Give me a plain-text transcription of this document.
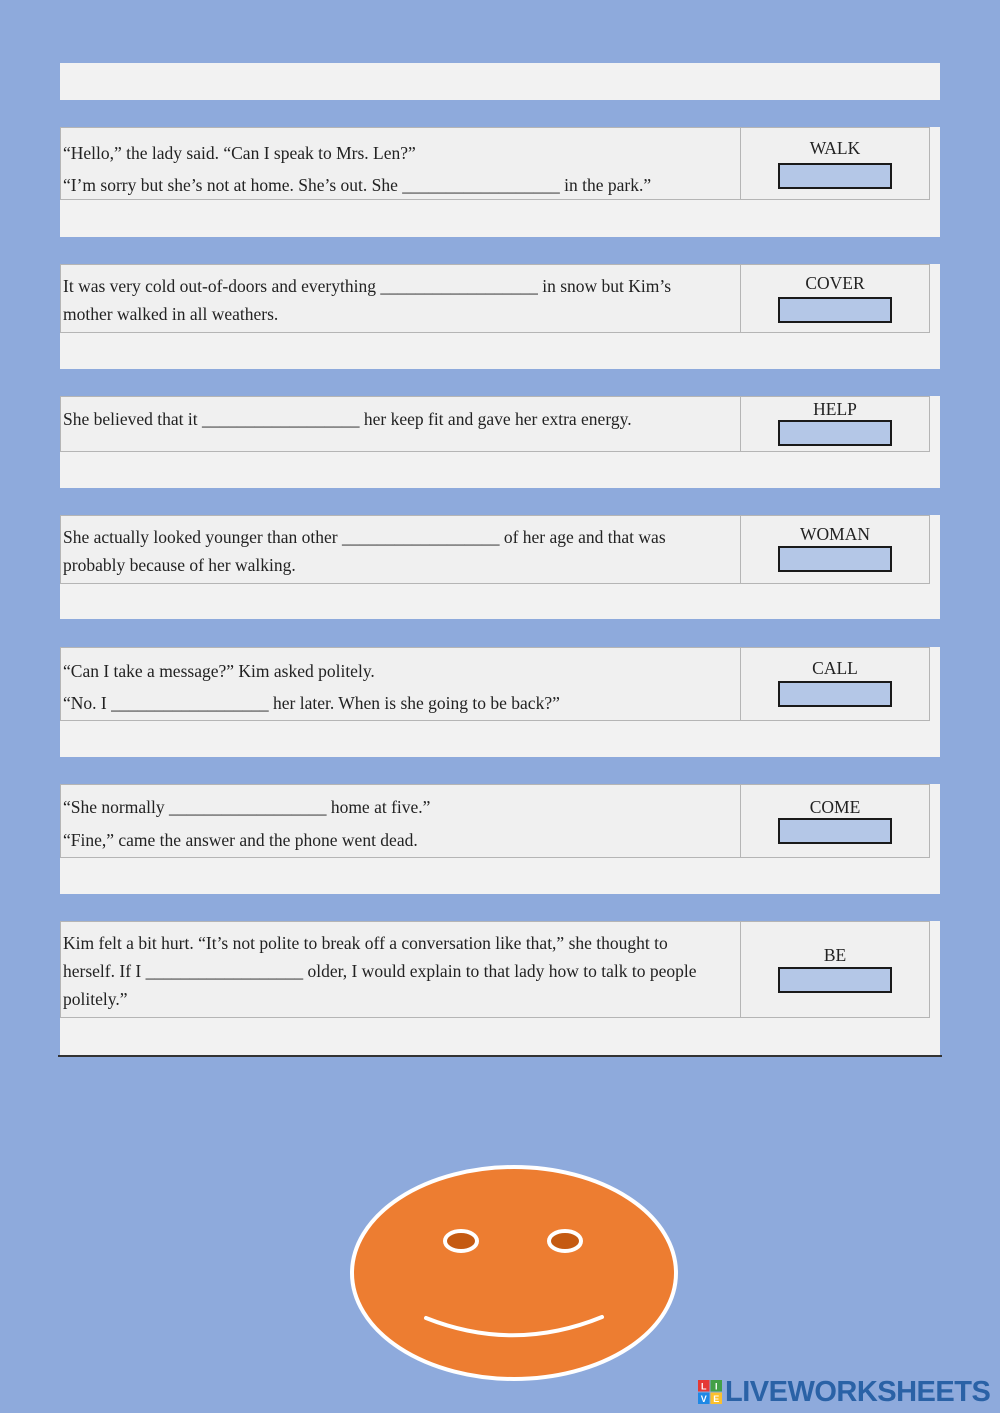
“Hello,” the lady said. “Can I speak to Mrs. Len?”

“I’m sorry but she’s not at home. She’s out. She __________________ in the park.”

WALK

It was very cold out-of-doors and everything __________________ in snow but Kim’s

mother walked in all weathers.

COVER

She believed that it __________________ her keep fit and gave her extra energy.	HELP

She actually looked younger than other __________________ of her age and that was

probably because of her walking.

WOMAN

“Can I take a message?” Kim asked politely.

“No. I __________________ her later. When is she going to be back?”

CALL

“She normally __________________ home at five.”

“Fine,” came the answer and the phone went dead.

COME

Kim felt a bit hurt. “It’s not polite to break off a conversation like that,” she thought to

herself. If I __________________ older, I would explain to that lady how to talk to people

politely.”

BE
L I
V E LIVEWORKSHEETS
